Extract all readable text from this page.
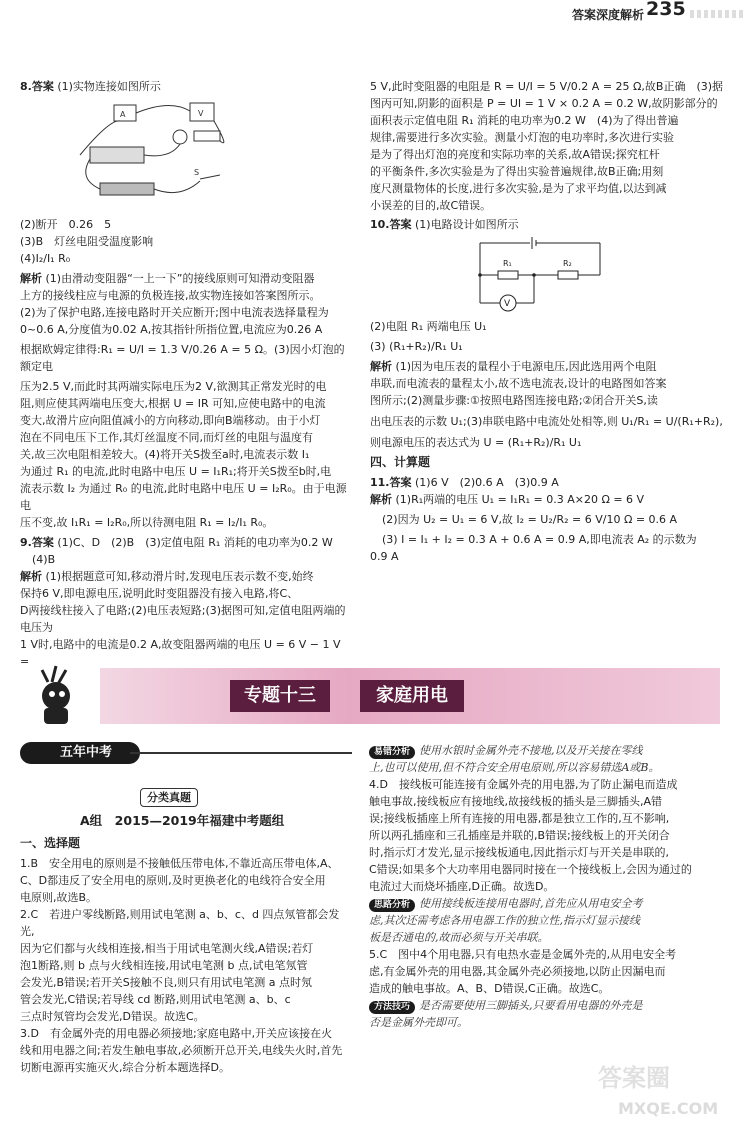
答案深度解析 235

8.答案 (1)实物连接如图所示

A	V
S

(2)断开　0.26　5

(3)B　灯丝电阻受温度影响

(4)I₂/I₁ R₀

解析 (1)由滑动变阻器“一上一下”的接线原则可知滑动变阻器

上方的接线柱应与电源的负极连接,故实物连接如答案图所示。

(2)为了保护电路,连接电路时开关应断开;图中电流表选择量程为

0~0.6 A,分度值为0.02 A,按其指针所指位置,电流应为0.26 A

根据欧姆定律得:R₁ = U/I = 1.3 V/0.26 A = 5 Ω。(3)因小灯泡的额定电

压为2.5 V,而此时其两端实际电压为2 V,欲测其正常发光时的电

阻,则应使其两端电压变大,根据 U = IR 可知,应使电路中的电流

变大,故滑片应向阻值减小的方向移动,即向B端移动。由于小灯

泡在不同电压下工作,其灯丝温度不同,而灯丝的电阻与温度有

关,故三次电阻相差较大。(4)将开关S拨至a时,电流表示数 I₁

为通过 R₁ 的电流,此时电路中电压 U = I₁R₁;将开关S拨至b时,电

流表示数 I₂ 为通过 R₀ 的电流,此时电路中电压 U = I₂R₀。由于电源电

压不变,故 I₁R₁ = I₂R₀,所以待测电阻 R₁ = I₂/I₁ R₀。

9.答案 (1)C、D　(2)B　(3)定值电阻 R₁ 消耗的电功率为0.2 W

(4)B

解析 (1)根据题意可知,移动滑片时,发现电压表示数不变,始终

保持6 V,即电源电压,说明此时变阻器没有接入电路,将C、

D两接线柱接入了电路;(2)电压表短路;(3)据图可知,定值电阻两端的电压为

1 V时,电路中的电流是0.2 A,故变阻器两端的电压 U = 6 V − 1 V =

5 V,此时变阻器的电阻是 R = U/I = 5 V/0.2 A = 25 Ω,故B正确　(3)据

图丙可知,阴影的面积是 P = UI = 1 V × 0.2 A = 0.2 W,故阴影部分的

面积表示定值电阻 R₁ 消耗的电功率为0.2 W　(4)为了得出普遍

规律,需要进行多次实验。测量小灯泡的电功率时,多次进行实验

是为了得出灯泡的亮度和实际功率的关系,故A错误;探究杠杆

的平衡条件,多次实验是为了得出实验普遍规律,故B正确;用刻

度尺测量物体的长度,进行多次实验,是为了求平均值,以达到减

小误差的目的,故C错误。

10.答案 (1)电路设计如图所示

V
R₁	R₂

(2)电阻 R₁ 两端电压 U₁

(3) (R₁+R₂)/R₁ U₁

解析 (1)因为电压表的量程小于电源电压,因此选用两个电阻

串联,而电流表的量程太小,故不选电流表,设计的电路图如答案

图所示;(2)测量步骤:①按照电路图连接电路;②闭合开关S,读

出电压表的示数 U₁;(3)串联电路中电流处处相等,则 U₁/R₁ = U/(R₁+R₂),

则电源电压的表达式为 U = (R₁+R₂)/R₁ U₁

四、计算题

11.答案 (1)6 V　(2)0.6 A　(3)0.9 A

解析 (1)R₁两端的电压 U₁ = I₁R₁ = 0.3 A×20 Ω = 6 V

(2)因为 U₂ = U₁ = 6 V,故 I₂ = U₂/R₂ = 6 V/10 Ω = 0.6 A

(3) I = I₁ + I₂ = 0.3 A + 0.6 A = 0.9 A,即电流表 A₂ 的示数为

0.9 A

专题十三	家庭用电
五年中考
分类真题
A组　2015—2019年福建中考题组

一、选择题

1.B　安全用电的原则是不接触低压带电体,不靠近高压带电体,A、

C、D都违反了安全用电的原则,及时更换老化的电线符合安全用

电原则,故选B。

2.C　若进户零线断路,则用试电笔测 a、b、c、d 四点氖管都会发光,

因为它们都与火线相连接,相当于用试电笔测火线,A错误;若灯

泡1断路,则 b 点与火线相连接,用试电笔测 b 点,试电笔氖管

会发光,B错误;若开关S接触不良,则只有用试电笔测 a 点时氖

管会发光,C错误;若导线 cd 断路,则用试电笔测 a、b、c

三点时氖管均会发光,D错误。故选C。

3.D　有金属外壳的用电器必须接地;家庭电路中,开关应该接在火

线和用电器之间;若发生触电事故,必须断开总开关,电线失火时,首先

切断电源再实施灭火,综合分析本题选择D。

易错分析 使用水银时金属外壳不接地,以及开关接在零线

上,也可以使用,但不符合安全用电原则,所以容易错选A或B。

4.D　接线板可能连接有金属外壳的用电器,为了防止漏电而造成

触电事故,接线板应有接地线,故接线板的插头是三脚插头,A错

误;接线板插座上所有连接的用电器,都是独立工作的,互不影响,

所以两孔插座和三孔插座是并联的,B错误;接线板上的开关闭合

时,指示灯才发光,显示接线板通电,因此指示灯与开关是串联的,

C错误;如果多个大功率用电器同时接在一个接线板上,会因为通过的

电流过大而烧坏插座,D正确。故选D。

思路分析 使用接线板连接用电器时,首先应从用电安全考

虑,其次还需考虑各用电器工作的独立性,指示灯显示接线

板是否通电的,故而必须与开关串联。

5.C　图中4个用电器,只有电热水壶是金属外壳的,从用电安全考

虑,有金属外壳的用电器,其金属外壳必须接地,以防止因漏电而

造成的触电事故。A、B、D错误,C正确。故选C。

方法技巧 是否需要使用三脚插头,只要看用电器的外壳是

否是金属外壳即可。

答案圈
MXQE.COM
